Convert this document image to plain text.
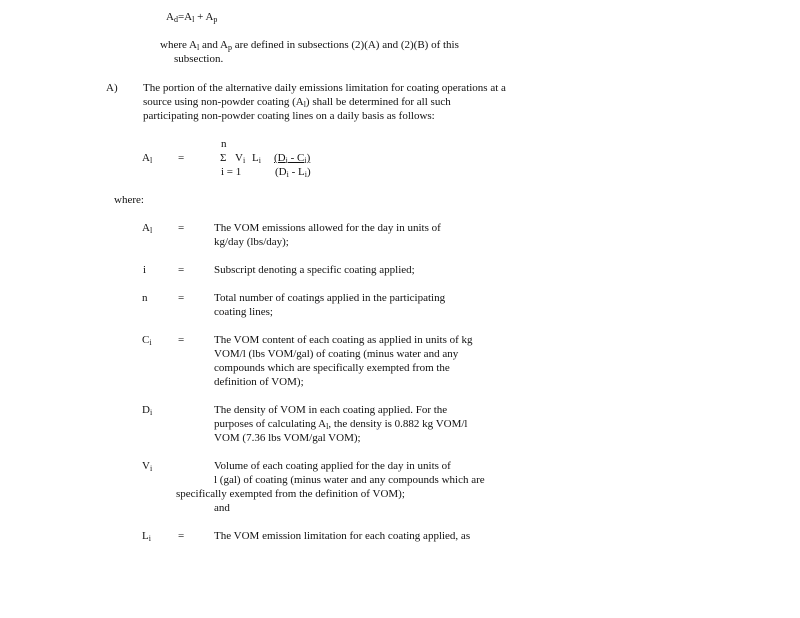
$A_d=A_l + A_p$
where $A_l$ and $A_p$ are defined in subsections (2)(A) and (2)(B) of this
subsection.
A) The portion of the alternative daily emissions limitation for coating operations at a
source using non-powder coating $(A_l)$ shall be determined for all such
participating non-powder coating lines on a daily basis as follows:
n
$A_l$ =	Σ $V_i$ $L_i$ $(D_i - C_i)$
i = 1	$(D_i - L_i)$
where:
$A_l$ =	The VOM emissions allowed for the day in units of
kg/day (lbs/day);
i	=	Subscript denoting a specific coating applied;
n	=	Total number of coatings applied in the participating
coating lines;
$C_i$ =	The VOM content of each coating as applied in units of kg
VOM/l (lbs VOM/gal) of coating (minus water and any
compounds which are specifically exempted from the
definition of VOM);
$D_i$	The density of VOM in each coating applied. For the
purposes of calculating $A_l$, the density is 0.882 kg VOM/l
VOM (7.36 lbs VOM/gal VOM);
$V_i$	Volume of each coating applied for the day in units of
l (gal) of coating (minus water and any compounds which are
specifically exempted from the definition of VOM);
and
$L_i$ =	The VOM emission limitation for each coating applied, as
